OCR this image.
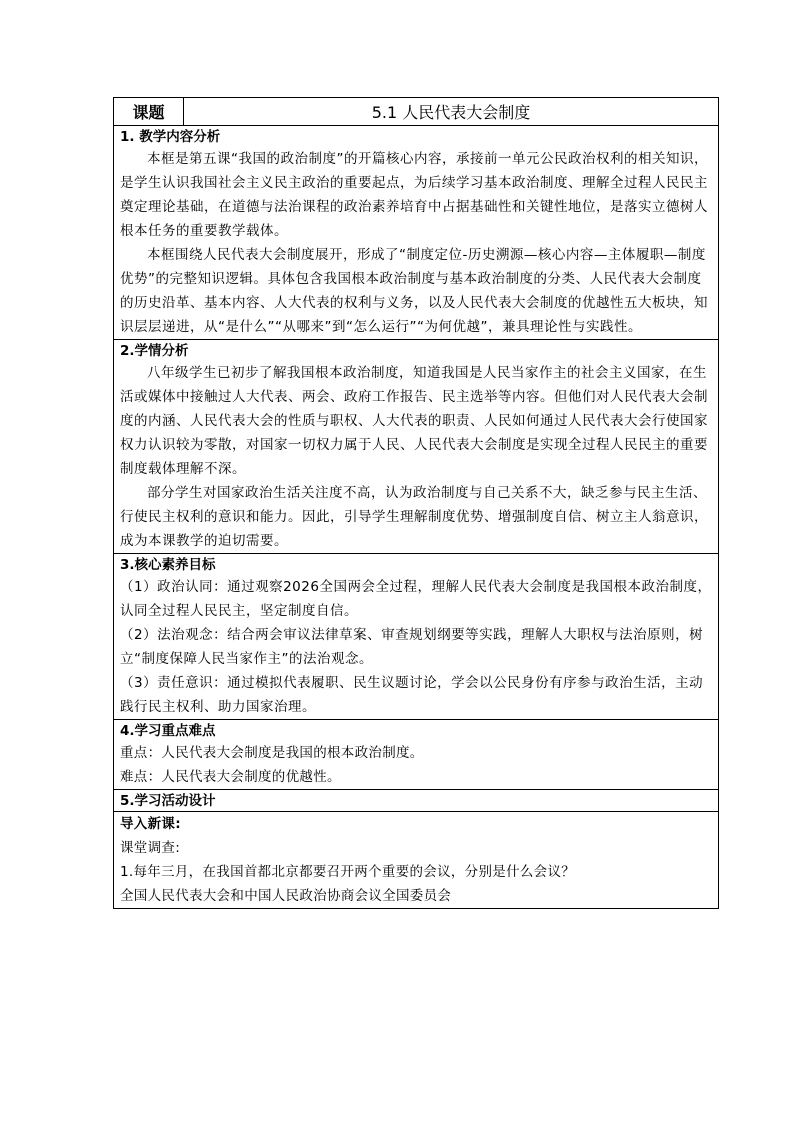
课题	5.1 人民代表大会制度

1. 教学内容分析

本框是第五课“我国的政治制度”的开篇核心内容，承接前一单元公民政治权利的相关知识，是学生认识我国社会主义民主政治的重要起点，为后续学习基本政治制度、理解全过程人民民主奠定理论基础，在道德与法治课程的政治素养培育中占据基础性和关键性地位，是落实立德树人根本任务的重要教学载体。

本框围绕人民代表大会制度展开，形成了“制度定位-历史溯源—核心内容—主体履职—制度优势”的完整知识逻辑。具体包含我国根本政治制度与基本政治制度的分类、人民代表大会制度的历史沿革、基本内容、人大代表的权利与义务，以及人民代表大会制度的优越性五大板块，知识层层递进，从“是什么”“从哪来”到“怎么运行”“为何优越”，兼具理论性与实践性。

2.学情分析

八年级学生已初步了解我国根本政治制度，知道我国是人民当家作主的社会主义国家，在生活或媒体中接触过人大代表、两会、政府工作报告、民主选举等内容。但他们对人民代表大会制度的内涵、人民代表大会的性质与职权、人大代表的职责、人民如何通过人民代表大会行使国家权力认识较为零散，对国家一切权力属于人民、人民代表大会制度是实现全过程人民民主的重要制度载体理解不深。

部分学生对国家政治生活关注度不高，认为政治制度与自己关系不大，缺乏参与民主生活、行使民主权利的意识和能力。因此，引导学生理解制度优势、增强制度自信、树立主人翁意识，成为本课教学的迫切需要。

3.核心素养目标

（1）政治认同：通过观察2026全国两会全过程，理解人民代表大会制度是我国根本政治制度，认同全过程人民民主，坚定制度自信。

（2）法治观念：结合两会审议法律草案、审查规划纲要等实践，理解人大职权与法治原则，树立“制度保障人民当家作主”的法治观念。

（3）责任意识：通过模拟代表履职、民生议题讨论，学会以公民身份有序参与政治生活，主动践行民主权利、助力国家治理。

4.学习重点难点

重点：人民代表大会制度是我国的根本政治制度。

难点：人民代表大会制度的优越性。

5.学习活动设计

导入新课:

课堂调查:

1.每年三月，在我国首都北京都要召开两个重要的会议，分别是什么会议？

全国人民代表大会和中国人民政治协商会议全国委员会
